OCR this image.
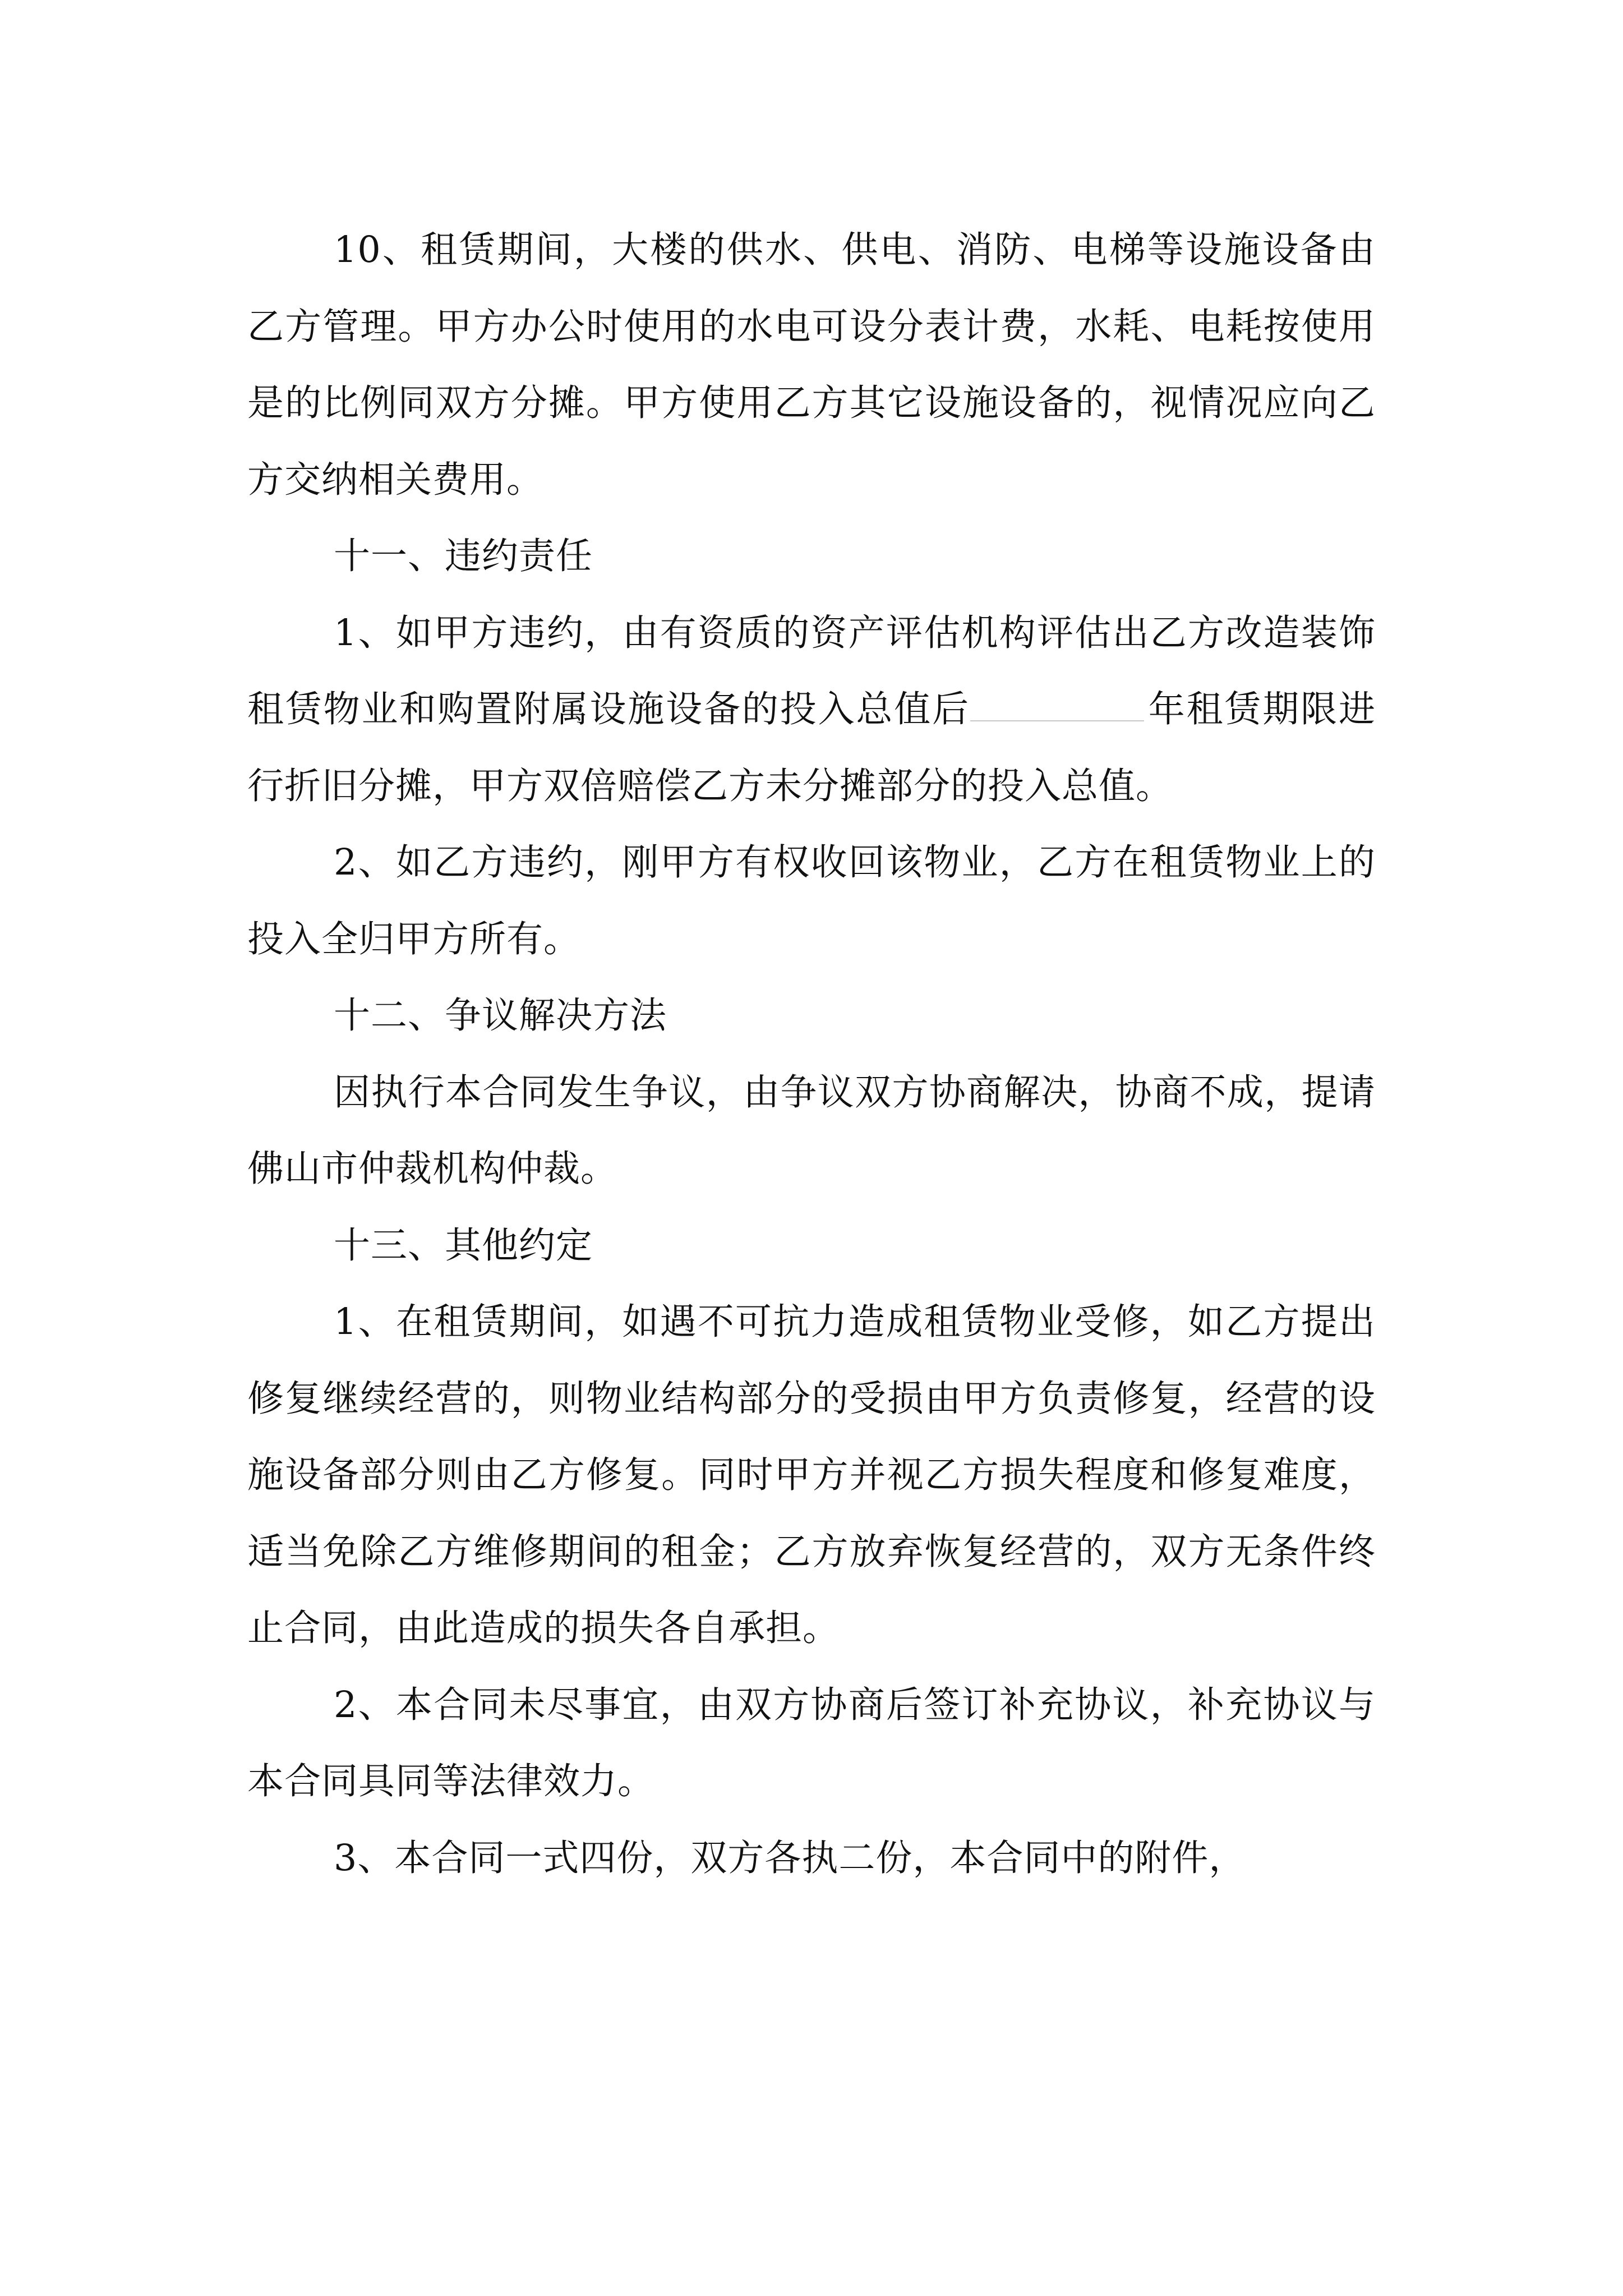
10、租赁期间，大楼的供水、供电、消防、电梯等设施设备由乙方管理。甲方办公时使用的水电可设分表计费，水耗、电耗按使用是的比例同双方分摊。甲方使用乙方其它设施设备的，视情况应向乙方交纳相关费用。

十一、违约责任

1、如甲方违约，由有资质的资产评估机构评估出乙方改造装饰租赁物业和购置附属设施设备的投入总值后	年租赁期限进行折旧分摊，甲方双倍赔偿乙方未分摊部分的投入总值。

2、如乙方违约，刚甲方有权收回该物业，乙方在租赁物业上的投入全归甲方所有。

十二、争议解决方法

因执行本合同发生争议，由争议双方协商解决，协商不成，提请佛山市仲裁机构仲裁。

十三、其他约定

1、在租赁期间，如遇不可抗力造成租赁物业受修，如乙方提出修复继续经营的，则物业结构部分的受损由甲方负责修复，经营的设施设备部分则由乙方修复。同时甲方并视乙方损失程度和修复难度，适当免除乙方维修期间的租金；乙方放弃恢复经营的，双方无条件终止合同，由此造成的损失各自承担。

2、本合同未尽事宜，由双方协商后签订补充协议，补充协议与本合同具同等法律效力。

3、本合同一式四份，双方各执二份，本合同中的附件，
